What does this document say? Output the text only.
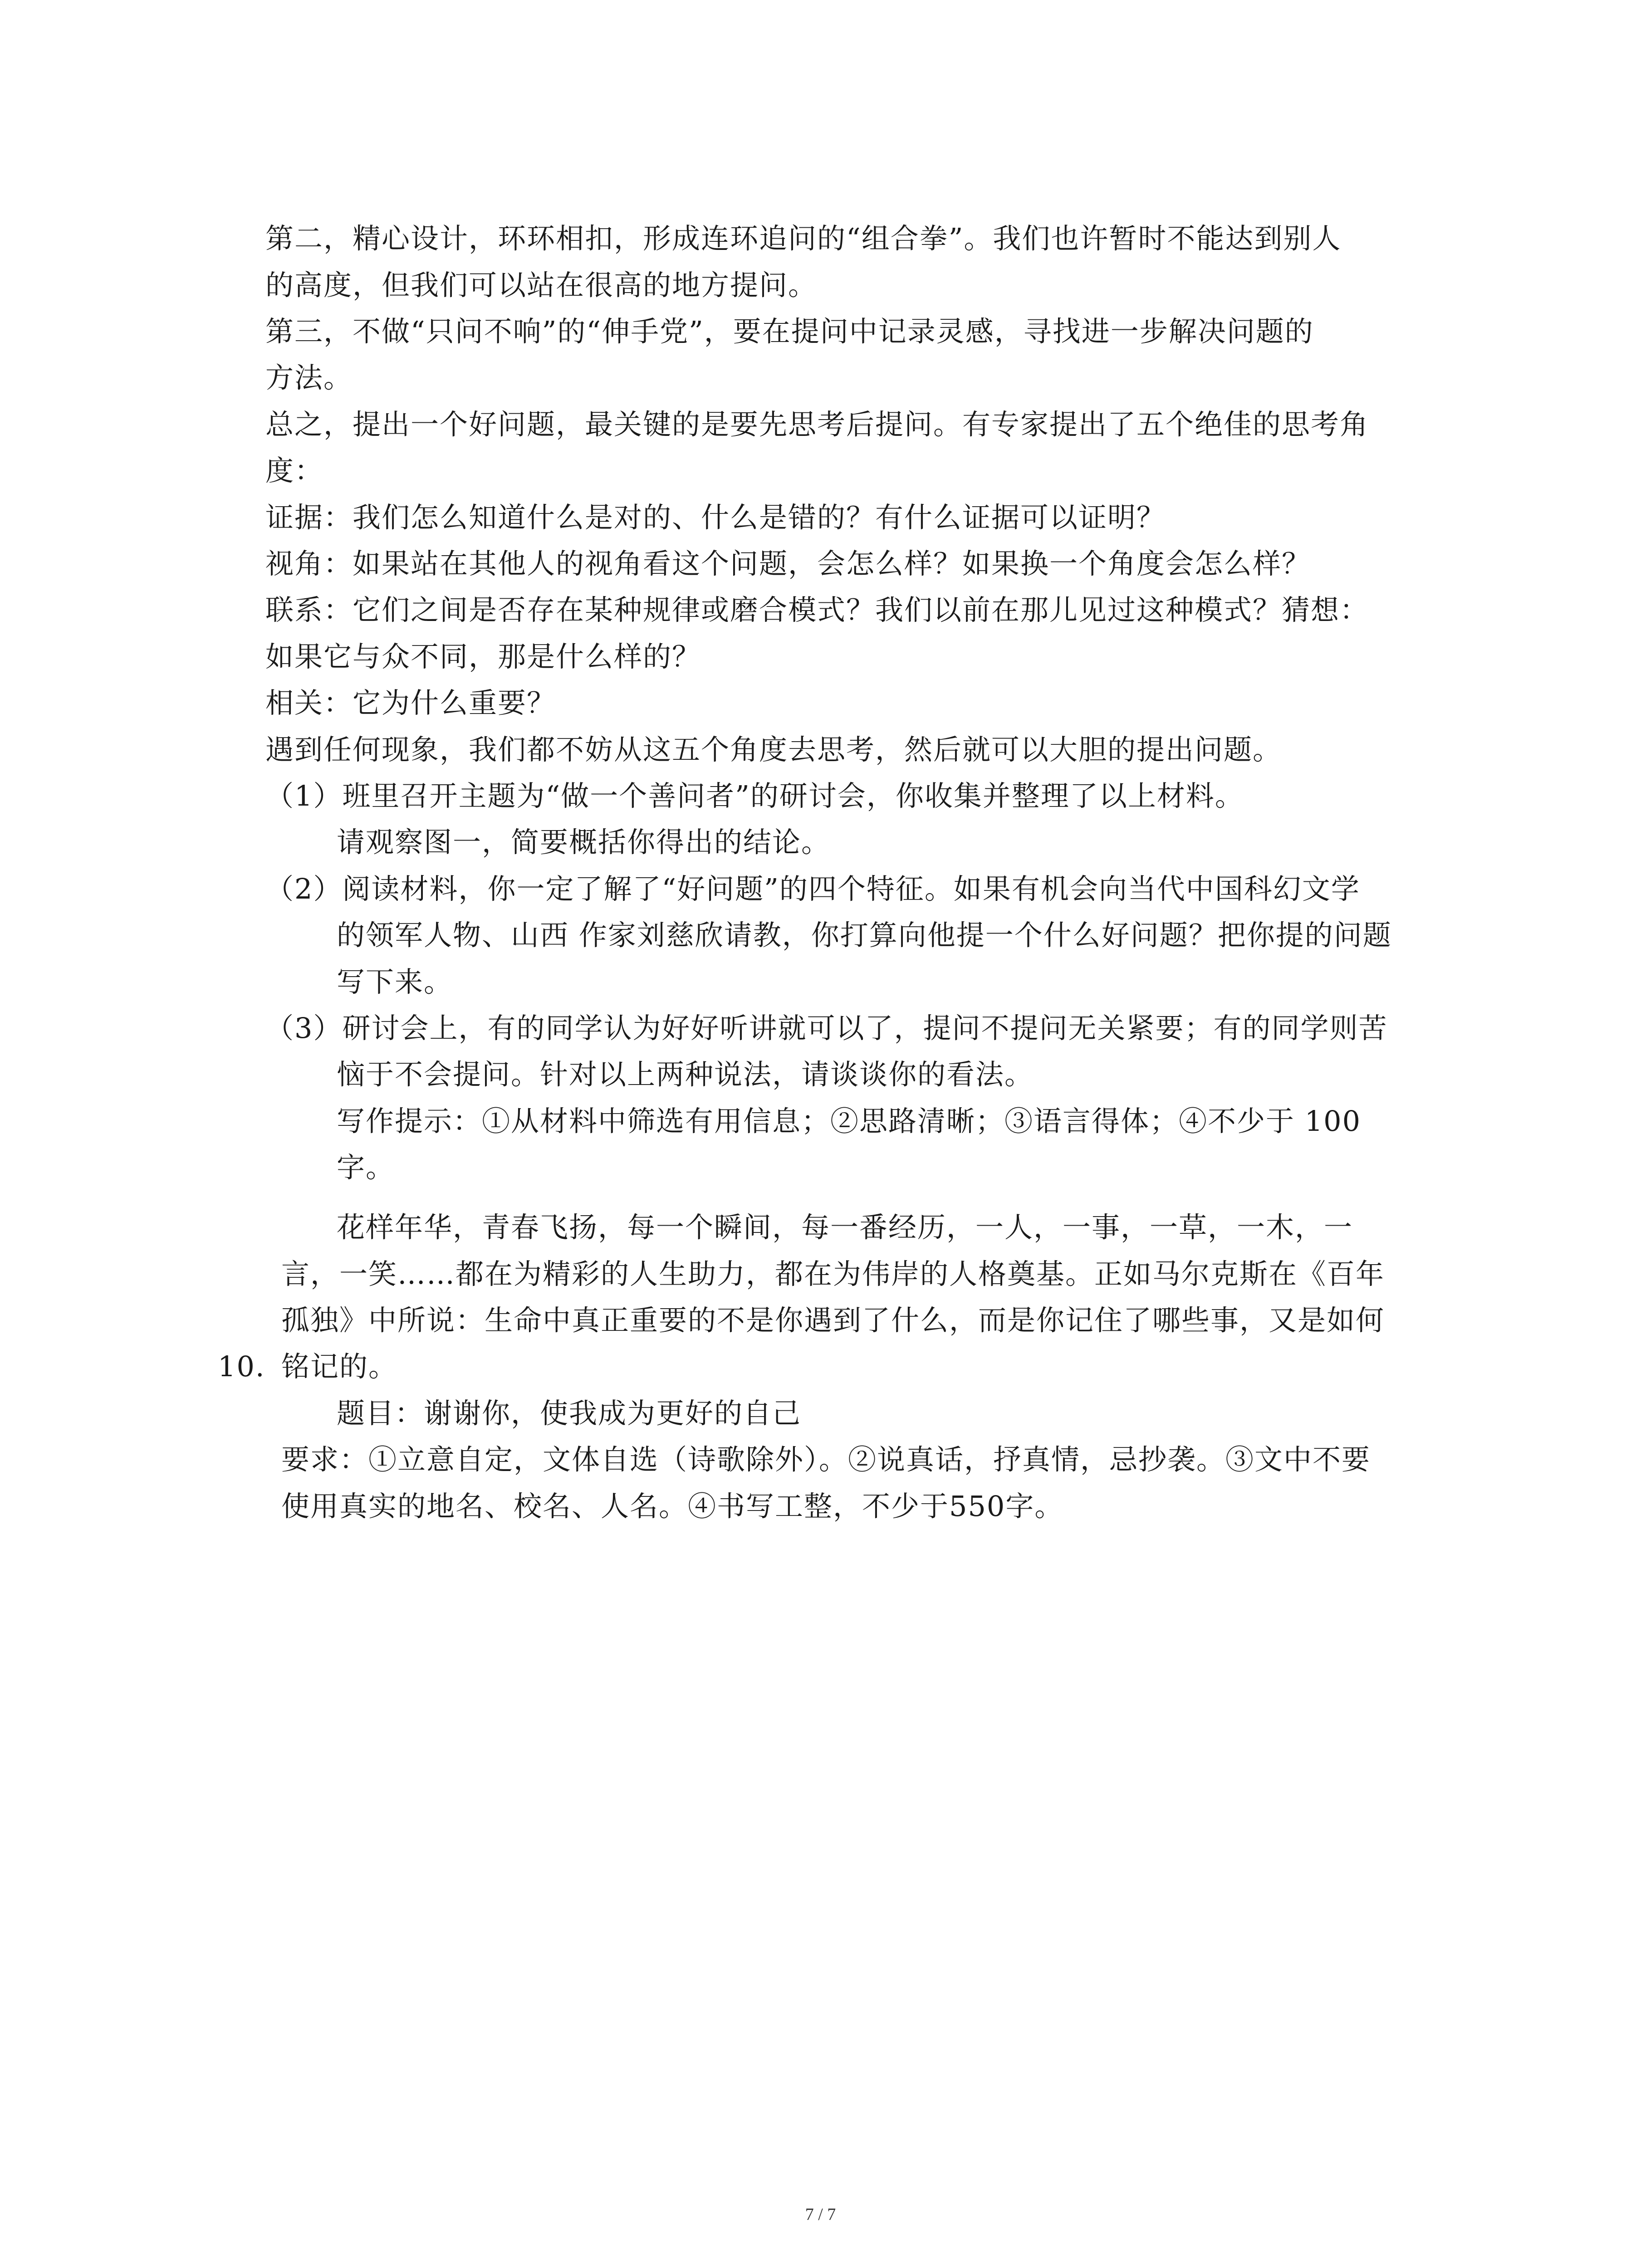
第二，精心设计，环环相扣，形成连环追问的“组合拳”。我们也许暂时不能达到别人
的高度，但我们可以站在很高的地方提问。
第三，不做“只问不响”的“伸手党”，要在提问中记录灵感，寻找进一步解决问题的
方法。
总之，提出一个好问题，最关键的是要先思考后提问。有专家提出了五个绝佳的思考角
度：
证据：我们怎么知道什么是对的、什么是错的？有什么证据可以证明？
视角：如果站在其他人的视角看这个问题，会怎么样？如果换一个角度会怎么样？
联系：它们之间是否存在某种规律或磨合模式？我们以前在那儿见过这种模式？猜想：
如果它与众不同，那是什么样的？
相关：它为什么重要？
遇到任何现象，我们都不妨从这五个角度去思考，然后就可以大胆的提出问题。
（1）班里召开主题为“做一个善问者”的研讨会，你收集并整理了以上材料。
请观察图一，简要概括你得出的结论。
（2）阅读材料，你一定了解了“好问题”的四个特征。如果有机会向当代中国科幻文学
的领军人物、山西 作家刘慈欣请教，你打算向他提一个什么好问题？把你提的问题
写下来。
（3）研讨会上，有的同学认为好好听讲就可以了，提问不提问无关紧要；有的同学则苦
恼于不会提问。针对以上两种说法，请谈谈你的看法。
写作提示：①从材料中筛选有用信息；②思路清晰；③语言得体；④不少于 100
字。
花样年华，青春飞扬，每一个瞬间，每一番经历，一人，一事，一草，一木，一
言，一笑……都在为精彩的人生助力，都在为伟岸的人格奠基。正如马尔克斯在《百年
孤独》中所说：生命中真正重要的不是你遇到了什么，而是你记住了哪些事，又是如何
10. 铭记的。
题目：谢谢你，使我成为更好的自己
要求：①立意自定，文体自选（诗歌除外）。②说真话，抒真情，忌抄袭。③文中不要
使用真实的地名、校名、人名。④书写工整，不少于550字。
7 / 7
